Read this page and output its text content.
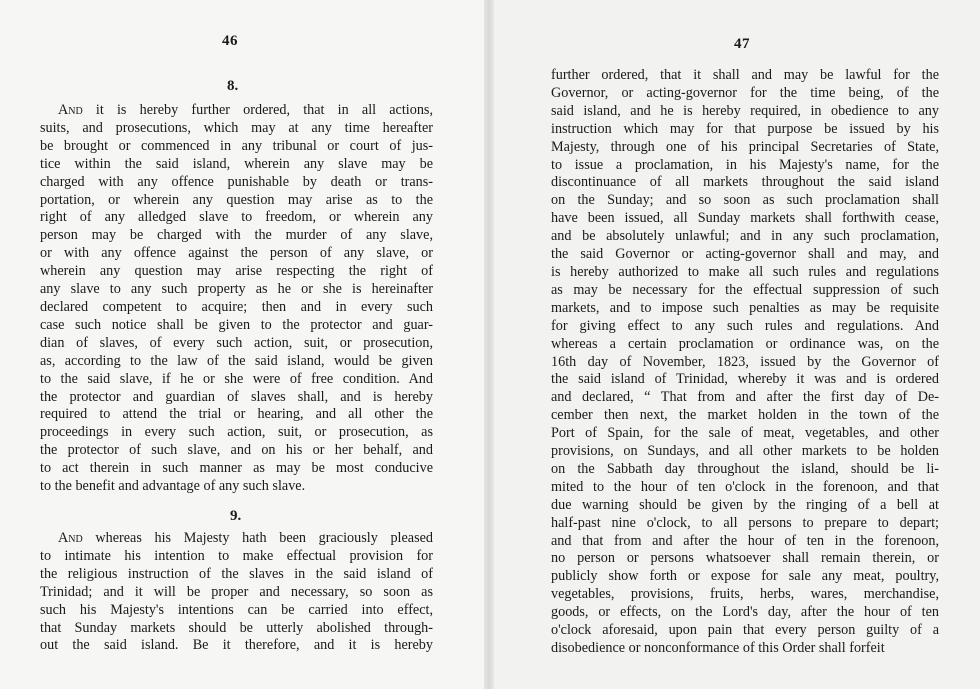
46
8.
And it is hereby further ordered, that in all actions,
suits, and prosecutions, which may at any time hereafter
be brought or commenced in any tribunal or court of jus-
tice within the said island, wherein any slave may be
charged with any offence punishable by death or trans-
portation, or wherein any question may arise as to the
right of any alledged slave to freedom, or wherein any
person may be charged with the murder of any slave,
or with any offence against the person of any slave, or
wherein any question may arise respecting the right of
any slave to any such property as he or she is hereinafter
declared competent to acquire; then and in every such
case such notice shall be given to the protector and guar-
dian of slaves, of every such action, suit, or prosecution,
as, according to the law of the said island, would be given
to the said slave, if he or she were of free condition. And
the protector and guardian of slaves shall, and is hereby
required to attend the trial or hearing, and all other the
proceedings in every such action, suit, or prosecution, as
the protector of such slave, and on his or her behalf, and
to act therein in such manner as may be most conducive
to the benefit and advantage of any such slave.
9.
And whereas his Majesty hath been graciously pleased
to intimate his intention to make effectual provision for
the religious instruction of the slaves in the said island of
Trinidad; and it will be proper and necessary, so soon as
such his Majesty's intentions can be carried into effect,
that Sunday markets should be utterly abolished through-
out the said island. Be it therefore, and it is hereby
47
further ordered, that it shall and may be lawful for the
Governor, or acting-governor for the time being, of the
said island, and he is hereby required, in obedience to any
instruction which may for that purpose be issued by his
Majesty, through one of his principal Secretaries of State,
to issue a proclamation, in his Majesty's name, for the
discontinuance of all markets throughout the said island
on the Sunday; and so soon as such proclamation shall
have been issued, all Sunday markets shall forthwith cease,
and be absolutely unlawful; and in any such proclamation,
the said Governor or acting-governor shall and may, and
is hereby authorized to make all such rules and regulations
as may be necessary for the effectual suppression of such
markets, and to impose such penalties as may be requisite
for giving effect to any such rules and regulations. And
whereas a certain proclamation or ordinance was, on the
16th day of November, 1823, issued by the Governor of
the said island of Trinidad, whereby it was and is ordered
and declared, “ That from and after the first day of De-
cember then next, the market holden in the town of the
Port of Spain, for the sale of meat, vegetables, and other
provisions, on Sundays, and all other markets to be holden
on the Sabbath day throughout the island, should be li-
mited to the hour of ten o'clock in the forenoon, and that
due warning should be given by the ringing of a bell at
half-past nine o'clock, to all persons to prepare to depart;
and that from and after the hour of ten in the forenoon,
no person or persons whatsoever shall remain therein, or
publicly show forth or expose for sale any meat, poultry,
vegetables, provisions, fruits, herbs, wares, merchandise,
goods, or effects, on the Lord's day, after the hour of ten
o'clock aforesaid, upon pain that every person guilty of a
disobedience or nonconformance of this Order shall forfeit
